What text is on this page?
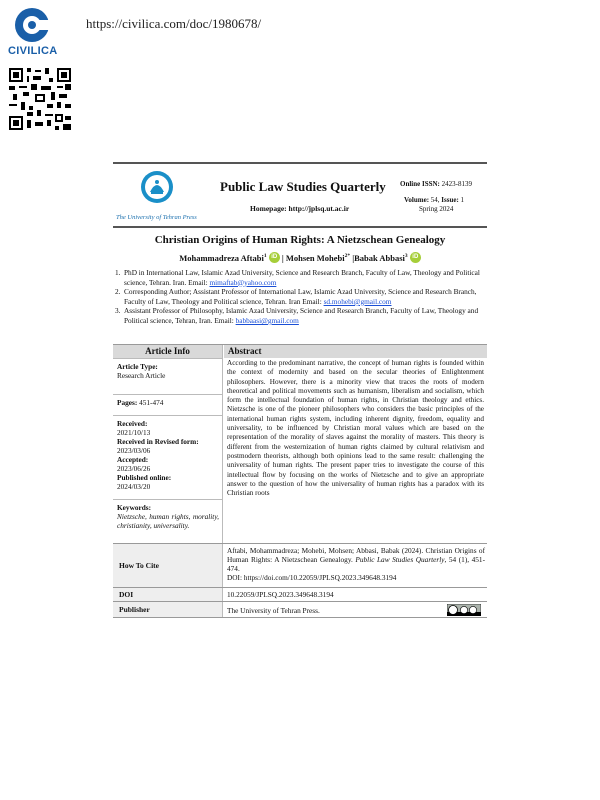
CIVILICA
https://civilica.com/doc/1980678/
The University of Tehran Press
Public Law Studies Quarterly
Homepage: http://jplsq.ut.ac.ir
Online ISSN: 2423-8139
Volume: 54, Issue: 1
Spring 2024
Christian Origins of Human Rights: A Nietzschean Genealogy
Mohammadreza Aftabi$^1$ iD | Mohsen Mohebi$^{2*}$ |Babak Abbasi$^3$ iD
1. PhD in International Law, Islamic Azad University, Science and Research Branch, Faculty of Law, Theology and Political science, Tehran. Iran. Email: mimaftab@yahoo.com
2. Corresponding Author; Assistant Professor of International Law, Islamic Azad University, Science and Research Branch, Faculty of Law, Theology and Political science, Tehran. Iran Email: sd.mohebi@gmail.com
3. Assistant Professor of Philosophy, Islamic Azad University, Science and Research Branch, Faculty of Law, Theology and Political science, Tehran, Iran. Email: babbaasi@gmail.com
Article Info
Article Type:
Research Article
Pages: 451-474
Received:
2021/10/13
Received in Revised form:
2023/03/06
Accepted:
2023/06/26
Published online:
2024/03/20
Keywords:
Nietzsche, human rights, morality, christianity, universality.
Abstract
According to the predominant narrative, the concept of human rights is founded within the context of modernity and based on the secular theories of Enlightenment philosophers. However, there is a minority view that traces the roots of modern theoretical and political movements such as humanism, liberalism and socialism, which form the intellectual foundation of human rights, in Christian theology and ethics. Nietzsche is one of the pioneer philosophers who considers the basic principles of the international human rights system, including inherent dignity, freedom, equality and universality, to be influenced by Christian moral values which are based on the representation of the morality of slaves against the morality of masters. This theory is different from the westernization of human rights claimed by cultural relativism and postmodern theorists, although both opinions lead to the same result: challenging the universality of human rights. The present paper tries to investigate the course of this intellectual flow by focusing on the works of Nietzsche and to give an appropriate answer to the question of how the universality of human rights has a paradox with its Christian roots
How To Cite
Aftabi, Mohammadreza; Mohebi, Mohsen; Abbasi, Babak (2024). Christian Origins of Human Rights: A Nietzschean Genealogy. Public Law Studies Quarterly, 54 (1), 451-474.
DOI: https://doi.com/10.22059/JPLSQ.2023.349648.3194
DOI	10.22059/JPLSQ.2023.349648.3194
Publisher	The University of Tehran Press.
